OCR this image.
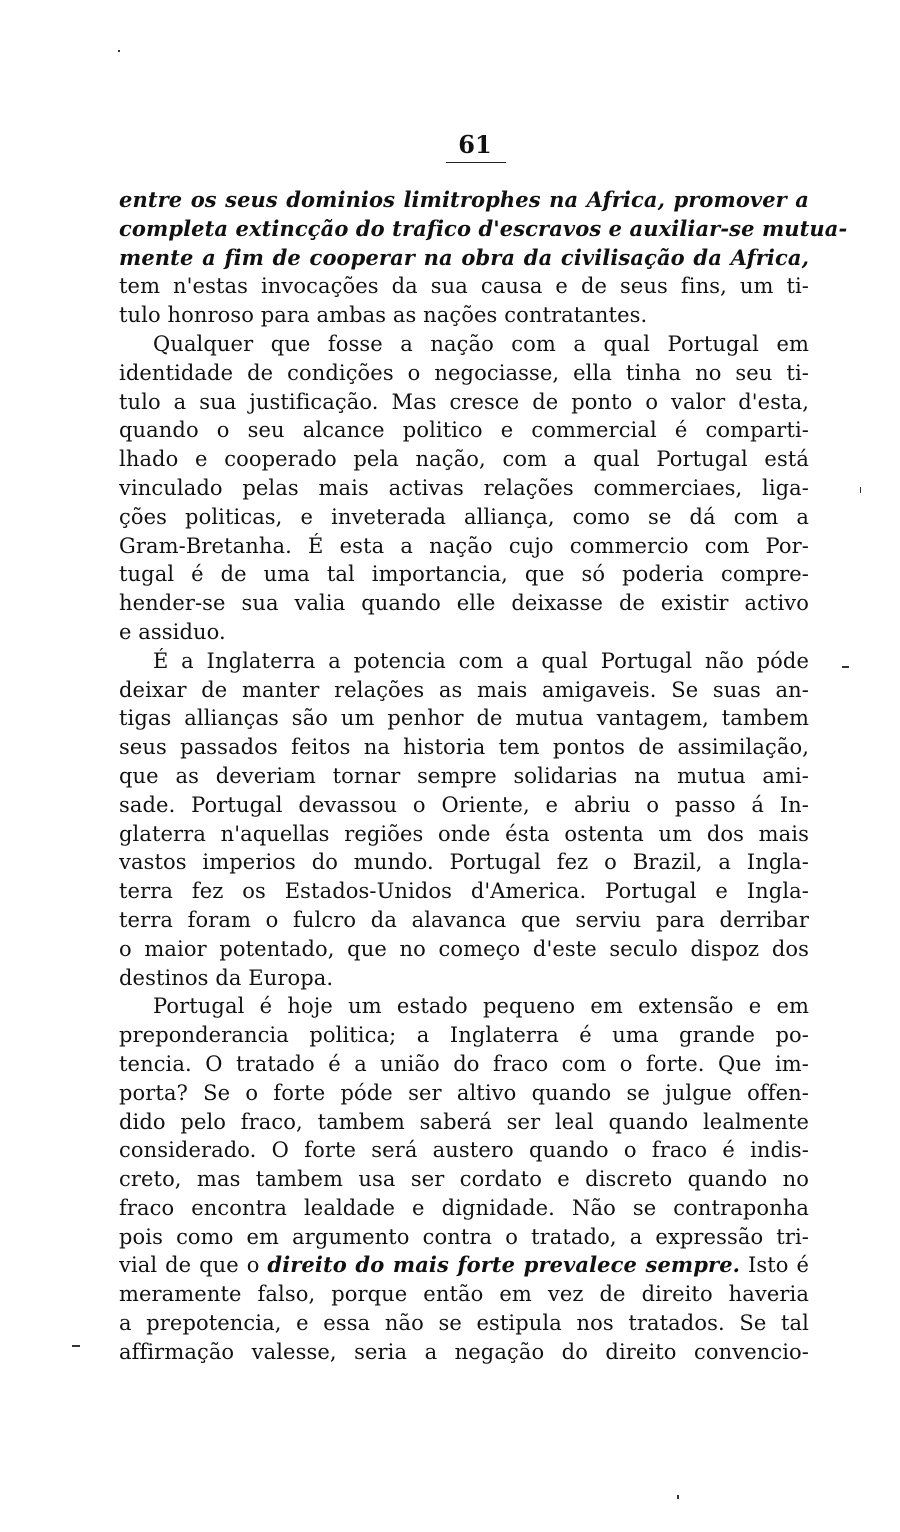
61
entre os seus dominios limitrophes na Africa, promover a
completa extincção do trafico d'escravos e auxiliar-se mutua-
mente a fim de cooperar na obra da civilisação da Africa,
tem n'estas invocações da sua causa e de seus fins, um ti-
tulo honroso para ambas as nações contratantes.
Qualquer que fosse a nação com a qual Portugal em
identidade de condições o negociasse, ella tinha no seu ti-
tulo a sua justificação. Mas cresce de ponto o valor d'esta,
quando o seu alcance politico e commercial é comparti-
lhado e cooperado pela nação, com a qual Portugal está
vinculado pelas mais activas relações commerciaes, liga-
ções politicas, e inveterada alliança, como se dá com a
Gram-Bretanha. É esta a nação cujo commercio com Por-
tugal é de uma tal importancia, que só poderia compre-
hender-se sua valia quando elle deixasse de existir activo
e assiduo.
É a Inglaterra a potencia com a qual Portugal não póde
deixar de manter relações as mais amigaveis. Se suas an-
tigas allianças são um penhor de mutua vantagem, tambem
seus passados feitos na historia tem pontos de assimilação,
que as deveriam tornar sempre solidarias na mutua ami-
sade. Portugal devassou o Oriente, e abriu o passo á In-
glaterra n'aquellas regiões onde ésta ostenta um dos mais
vastos imperios do mundo. Portugal fez o Brazil, a Ingla-
terra fez os Estados-Unidos d'America. Portugal e Ingla-
terra foram o fulcro da alavanca que serviu para derribar
o maior potentado, que no começo d'este seculo dispoz dos
destinos da Europa.
Portugal é hoje um estado pequeno em extensão e em
preponderancia politica; a Inglaterra é uma grande po-
tencia. O tratado é a união do fraco com o forte. Que im-
porta? Se o forte póde ser altivo quando se julgue offen-
dido pelo fraco, tambem saberá ser leal quando lealmente
considerado. O forte será austero quando o fraco é indis-
creto, mas tambem usa ser cordato e discreto quando no
fraco encontra lealdade e dignidade. Não se contraponha
pois como em argumento contra o tratado, a expressão tri-
vial de que o direito do mais forte prevalece sempre. Isto é
meramente falso, porque então em vez de direito haveria
a prepotencia, e essa não se estipula nos tratados. Se tal
affirmação valesse, seria a negação do direito convencio-
